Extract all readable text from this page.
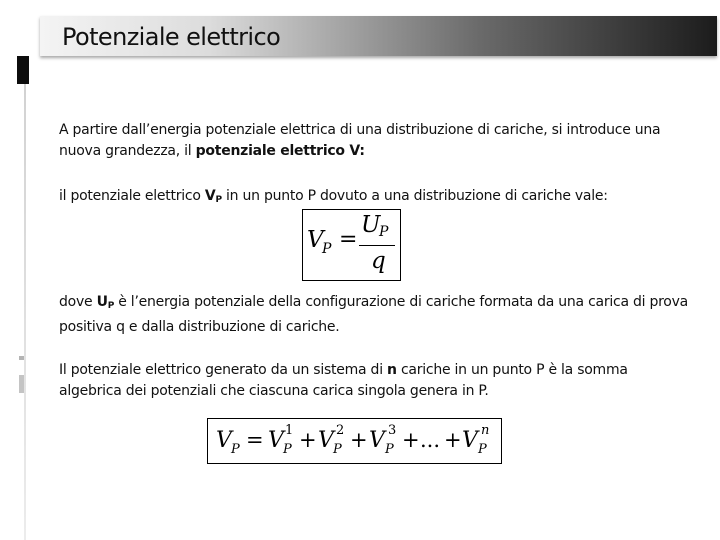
Potenziale elettrico
A partire dall’energia potenziale elettrica di una distribuzione di cariche, si introduce una nuova grandezza, il potenziale elettrico V:
il potenziale elettrico VP in un punto P dovuto a una distribuzione di cariche vale:
V
P =
U
P
q
dove UP è l’energia potenziale della configurazione di cariche formata da una carica di prova positiva q e dalla distribuzione di cariche.
Il potenziale elettrico generato da un sistema di n cariche in un punto P è la somma algebrica dei potenziali che ciascuna carica singola genera in P.
V P = V 1
P + V 2
P + V 3
P + ... + V n
P
